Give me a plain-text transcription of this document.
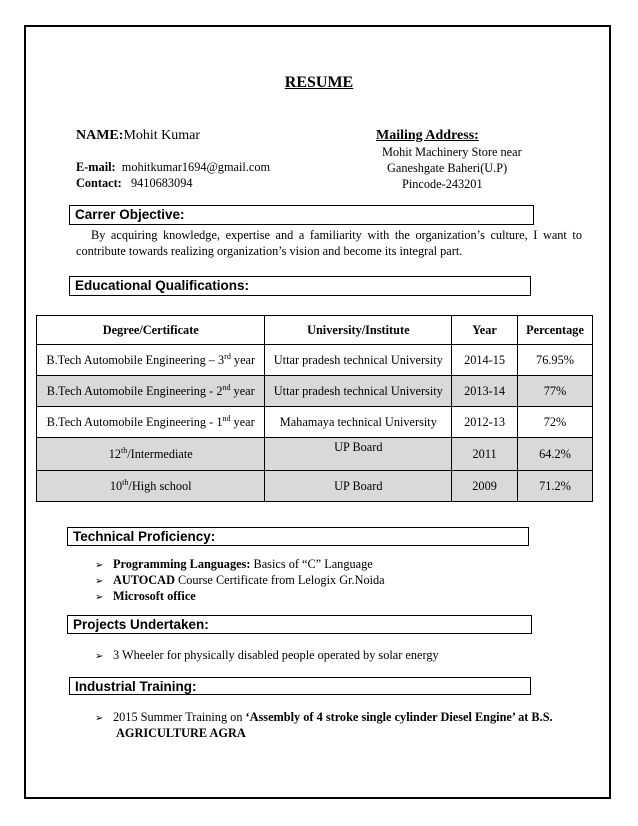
RESUME
NAME:Mohit Kumar
E-mail: mohitkumar1694@gmail.com
Contact: 9410683094
Mailing Address:
Mohit Machinery Store near
Ganeshgate Baheri(U.P)
Pincode-243201
Carrer Objective:
By acquiring knowledge, expertise and a familiarity with the organization’s culture, I want to contribute towards realizing organization’s vision and become its integral part.
Educational Qualifications:
Degree/Certificate	University/Institute	Year	Percentage
B.Tech Automobile Engineering – 3rd year	Uttar pradesh technical University	2014-15	76.95%
B.Tech Automobile Engineering - 2nd year	Uttar pradesh technical University	2013-14	77%
B.Tech Automobile Engineering - 1nd year	Mahamaya technical University	2012-13	72%
12th/Intermediate	UP Board	2011	64.2%
10th/High school	UP Board	2009	71.2%
Technical Proficiency:
➢ Programming Languages: Basics of “C” Language
➢ AUTOCAD Course Certificate from Lelogix Gr.Noida
➢ Microsoft office
Projects Undertaken:
➢ 3 Wheeler for physically disabled people operated by solar energy
Industrial Training:
➢ 2015 Summer Training on ‘Assembly of 4 stroke single cylinder Diesel Engine’ at B.S.
AGRICULTURE AGRA
